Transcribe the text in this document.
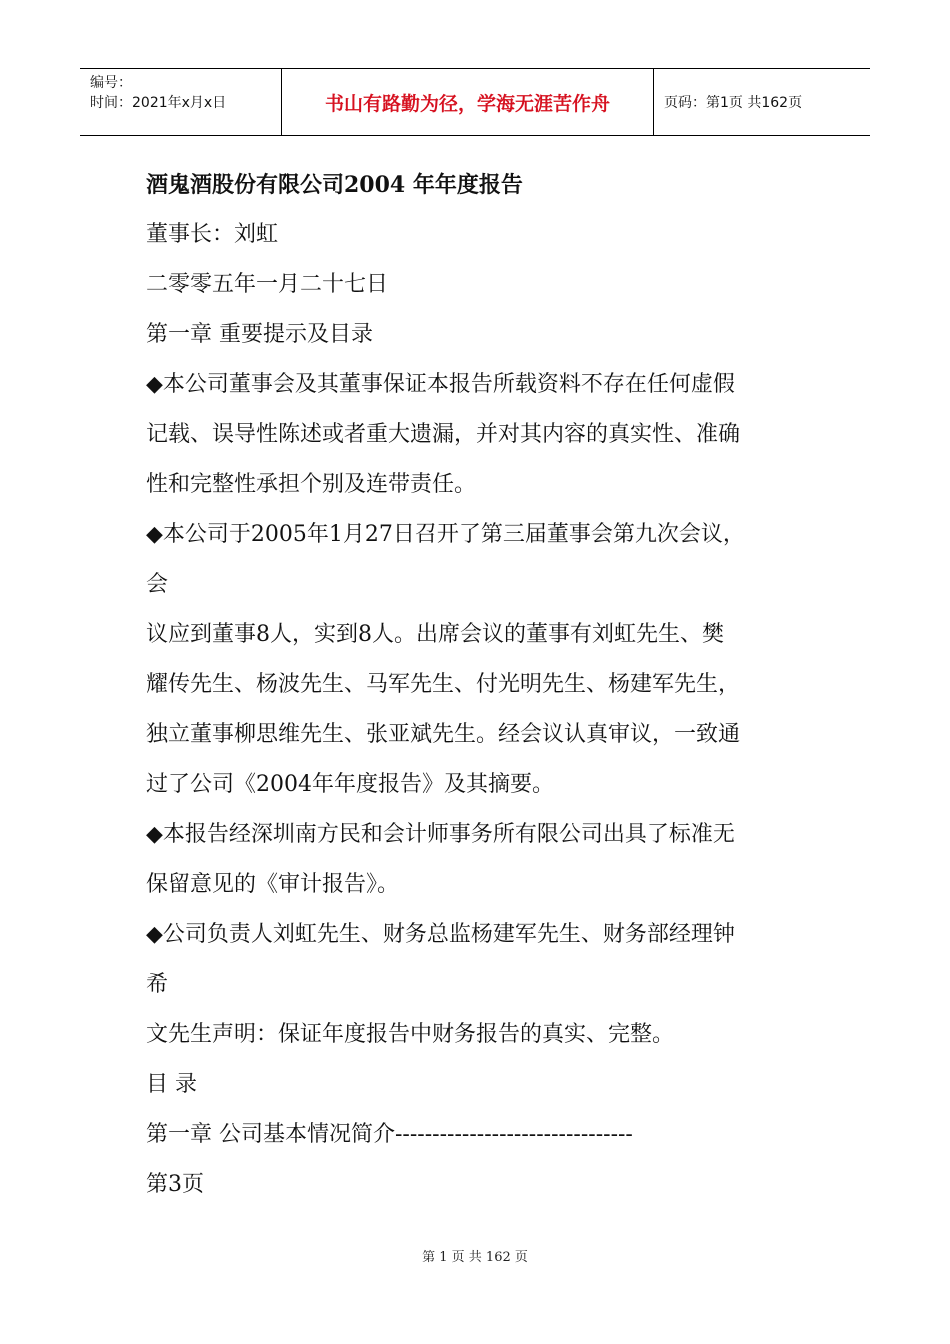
编号：
时间：2021年x月x日	书山有路勤为径，学海无涯苦作舟	页码：第1页 共162页
酒鬼酒股份有限公司2004 年年度报告
董事长：刘虹
二零零五年一月二十七日
第一章 重要提示及目录
◆本公司董事会及其董事保证本报告所载资料不存在任何虚假
记载、误导性陈述或者重大遗漏，并对其内容的真实性、准确
性和完整性承担个别及连带责任。
◆本公司于2005年1月27日召开了第三届董事会第九次会议，
会
议应到董事8人，实到8人。出席会议的董事有刘虹先生、樊
耀传先生、杨波先生、马军先生、付光明先生、杨建军先生，
独立董事柳思维先生、张亚斌先生。经会议认真审议，一致通
过了公司《2004年年度报告》及其摘要。
◆本报告经深圳南方民和会计师事务所有限公司出具了标准无
保留意见的《审计报告》。
◆公司负责人刘虹先生、财务总监杨建军先生、财务部经理钟
希
文先生声明：保证年度报告中财务报告的真实、完整。
目 录
第一章 公司基本情况简介--------------------------------
第3页
第 1 页 共 162 页
